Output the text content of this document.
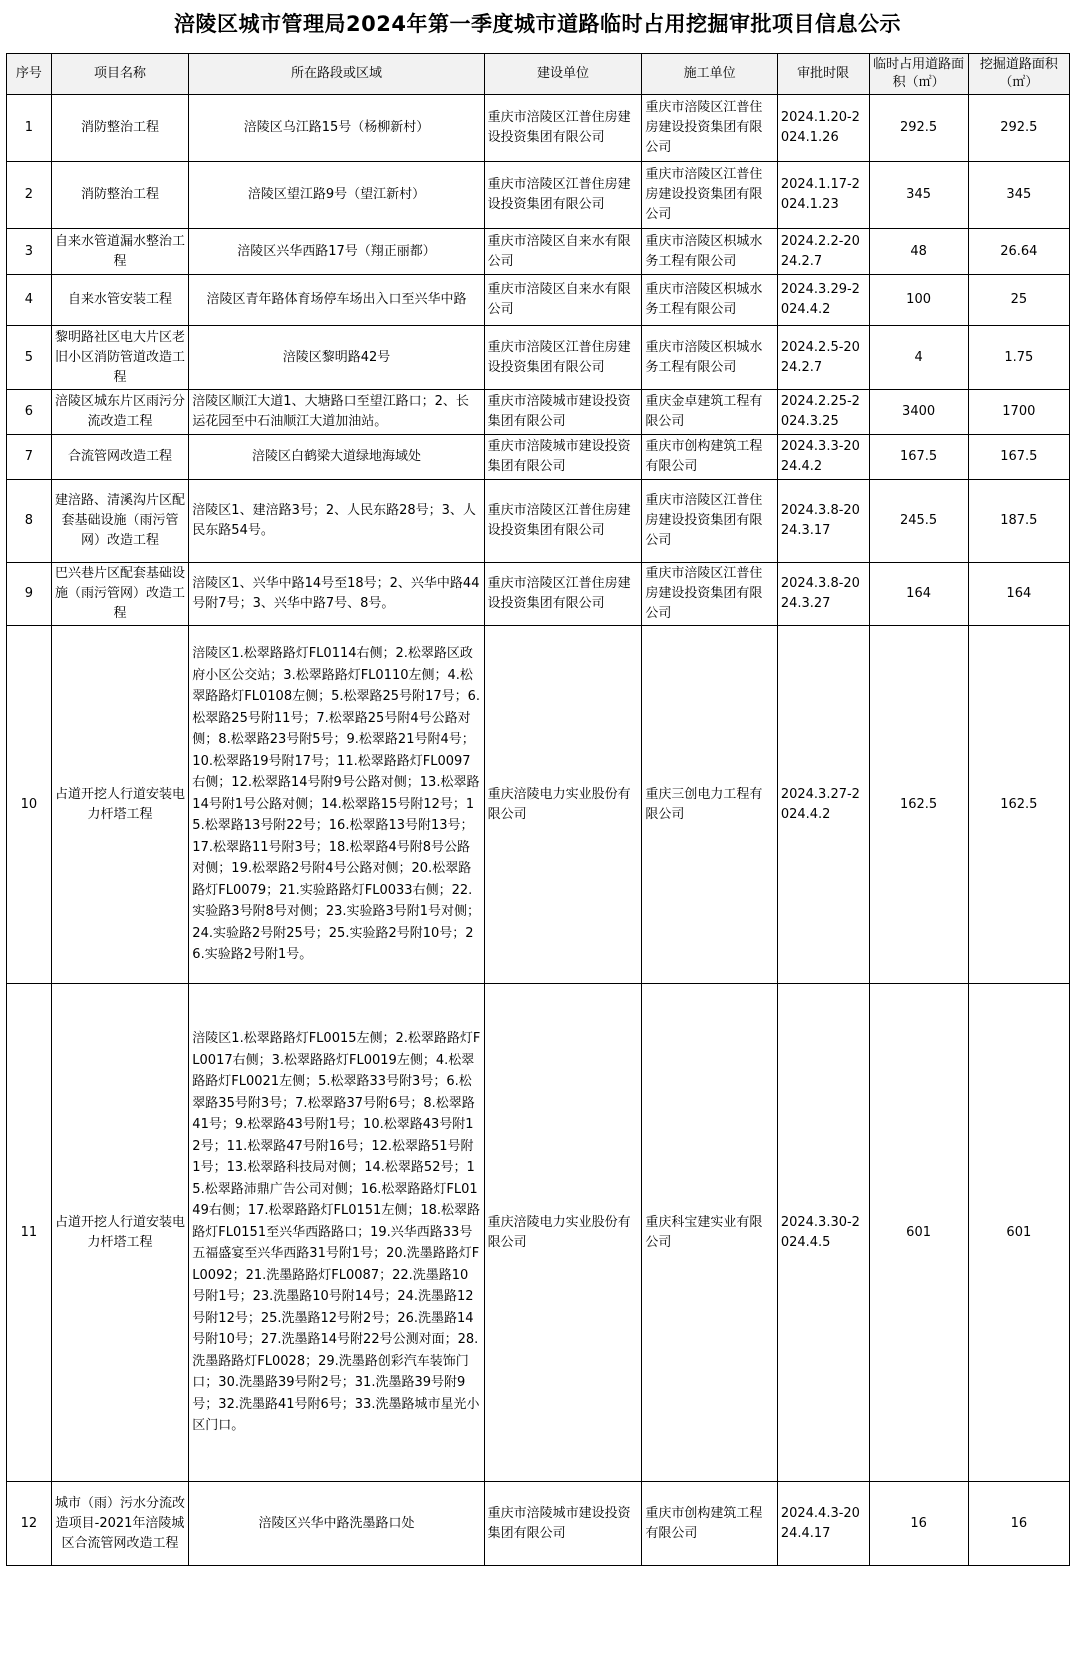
涪陵区城市管理局2024年第一季度城市道路临时占用挖掘审批项目信息公示
序号	项目名称	所在路段或区域	建设单位	施工单位	审批时限	临时占用道路面积（㎡）	挖掘道路面积（㎡）
1	消防整治工程	涪陵区乌江路15号（杨柳新村）	重庆市涪陵区江普住房建设投资集团有限公司	重庆市涪陵区江普住房建设投资集团有限公司	2024.1.20-2024.1.26	292.5	292.5
2	消防整治工程	涪陵区望江路9号（望江新村）	重庆市涪陵区江普住房建设投资集团有限公司	重庆市涪陵区江普住房建设投资集团有限公司	2024.1.17-2024.1.23	345	345
3	自来水管道漏水整治工程	涪陵区兴华西路17号（翔正丽都）	重庆市涪陵区自来水有限公司	重庆市涪陵区枳城水务工程有限公司	2024.2.2-2024.2.7	48	26.64
4	自来水管安装工程	涪陵区青年路体育场停车场出入口至兴华中路	重庆市涪陵区自来水有限公司	重庆市涪陵区枳城水务工程有限公司	2024.3.29-2024.4.2	100	25
5	黎明路社区电大片区老旧小区消防管道改造工程	涪陵区黎明路42号	重庆市涪陵区江普住房建设投资集团有限公司	重庆市涪陵区枳城水务工程有限公司	2024.2.5-2024.2.7	4	1.75
6	涪陵区城东片区雨污分流改造工程	涪陵区顺江大道1、大塘路口至望江路口；2、长运花园至中石油顺江大道加油站。	重庆市涪陵城市建设投资集团有限公司	重庆金卓建筑工程有限公司	2024.2.25-2024.3.25	3400	1700
7	合流管网改造工程	涪陵区白鹤梁大道绿地海域处	重庆市涪陵城市建设投资集团有限公司	重庆市创构建筑工程有限公司	2024.3.3-2024.4.2	167.5	167.5
8	建涪路、清溪沟片区配套基础设施（雨污管网）改造工程	涪陵区1、建涪路3号；2、人民东路28号；3、人民东路54号。	重庆市涪陵区江普住房建设投资集团有限公司	重庆市涪陵区江普住房建设投资集团有限公司	2024.3.8-2024.3.17	245.5	187.5
9	巴兴巷片区配套基础设施（雨污管网）改造工程	涪陵区1、兴华中路14号至18号；2、兴华中路44号附7号；3、兴华中路7号、8号。	重庆市涪陵区江普住房建设投资集团有限公司	重庆市涪陵区江普住房建设投资集团有限公司	2024.3.8-2024.3.27	164	164
10	占道开挖人行道安装电力杆塔工程	涪陵区1.松翠路路灯FL0114右侧；2.松翠路区政府小区公交站；3.松翠路路灯FL0110左侧；4.松翠路路灯FL0108左侧；5.松翠路25号附17号；6.松翠路25号附11号；7.松翠路25号附4号公路对侧；8.松翠路23号附5号；9.松翠路21号附4号；10.松翠路19号附17号；11.松翠路路灯FL0097右侧；12.松翠路14号附9号公路对侧；13.松翠路14号附1号公路对侧；14.松翠路15号附12号；15.松翠路13号附22号；16.松翠路13号附13号；17.松翠路11号附3号；18.松翠路4号附8号公路对侧；19.松翠路2号附4号公路对侧；20.松翠路路灯FL0079；21.实验路路灯FL0033右侧；22.实验路3号附8号对侧；23.实验路3号附1号对侧；24.实验路2号附25号；25.实验路2号附10号；26.实验路2号附1号。	重庆涪陵电力实业股份有限公司	重庆三创电力工程有限公司	2024.3.27-2024.4.2	162.5	162.5
11	占道开挖人行道安装电力杆塔工程	涪陵区1.松翠路路灯FL0015左侧；2.松翠路路灯FL0017右侧；3.松翠路路灯FL0019左侧；4.松翠路路灯FL0021左侧；5.松翠路33号附3号；6.松翠路35号附3号；7.松翠路37号附6号；8.松翠路41号；9.松翠路43号附1号；10.松翠路43号附12号；11.松翠路47号附16号；12.松翠路51号附1号；13.松翠路科技局对侧；14.松翠路52号；15.松翠路沛鼎广告公司对侧；16.松翠路路灯FL0149右侧；17.松翠路路灯FL0151左侧；18.松翠路路灯FL0151至兴华西路路口；19.兴华西路33号五福盛宴至兴华西路31号附1号；20.洗墨路路灯FL0092；21.洗墨路路灯FL0087；22.洗墨路10号附1号；23.洗墨路10号附14号；24.洗墨路12号附12号；25.洗墨路12号附2号；26.洗墨路14号附10号；27.洗墨路14号附22号公测对面；28.洗墨路路灯FL0028；29.洗墨路创彩汽车装饰门口；30.洗墨路39号附2号；31.洗墨路39号附9号；32.洗墨路41号附6号；33.洗墨路城市星光小区门口。	重庆涪陵电力实业股份有限公司	重庆科宝建实业有限公司	2024.3.30-2024.4.5	601	601
12	城市（雨）污水分流改造项目-2021年涪陵城区合流管网改造工程	涪陵区兴华中路洗墨路口处	重庆市涪陵城市建设投资集团有限公司	重庆市创构建筑工程有限公司	2024.4.3-2024.4.17	16	16
